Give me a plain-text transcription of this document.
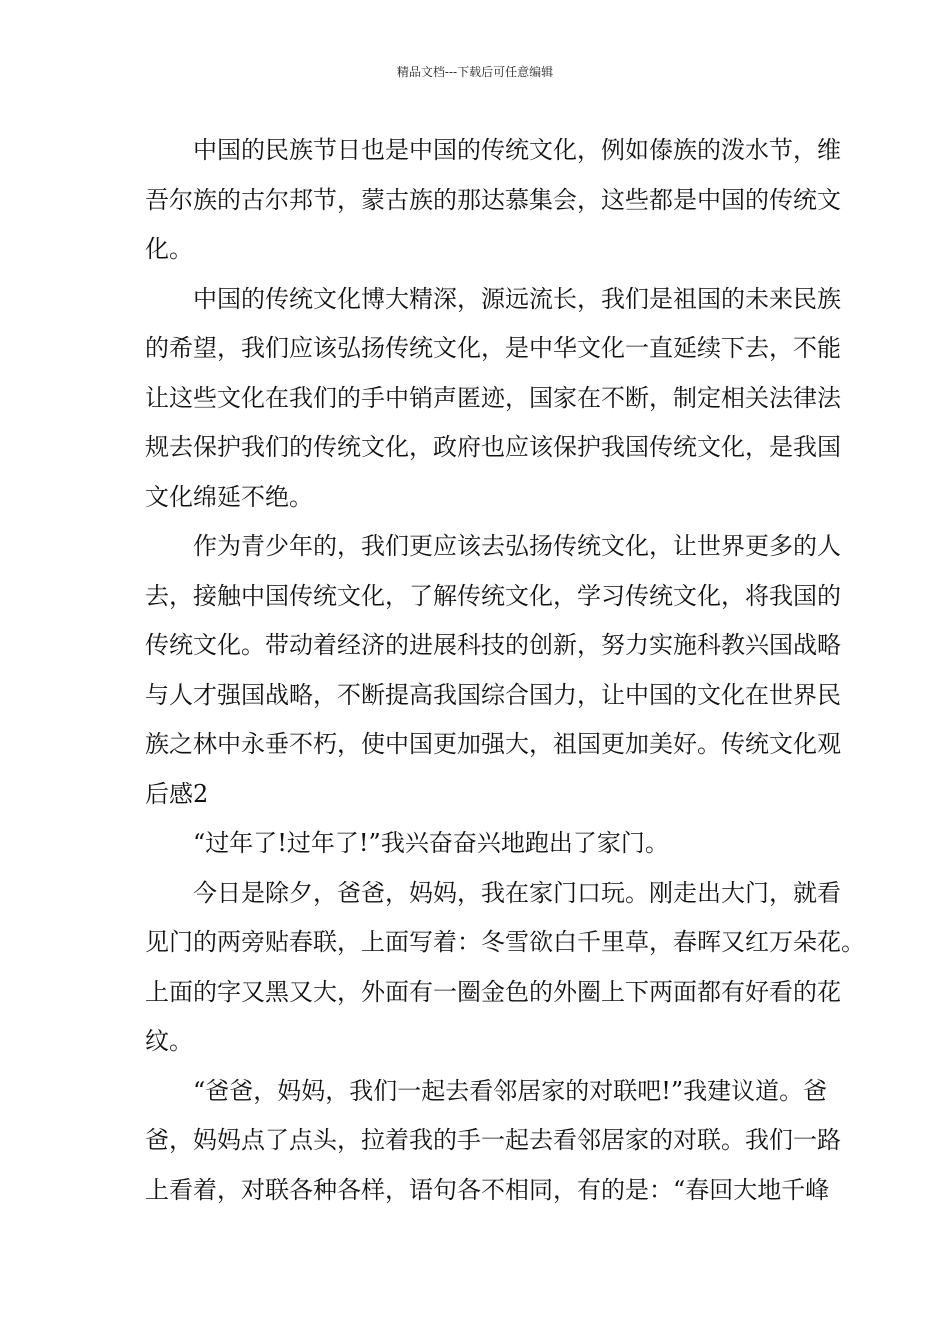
精品文档---下载后可任意编辑

中国的民族节日也是中国的传统文化，例如傣族的泼水节，维
吾尔族的古尔邦节，蒙古族的那达慕集会，这些都是中国的传统文
化。

中国的传统文化博大精深，源远流长，我们是祖国的未来民族
的希望，我们应该弘扬传统文化，是中华文化一直延续下去，不能
让这些文化在我们的手中销声匿迹，国家在不断，制定相关法律法
规去保护我们的传统文化，政府也应该保护我国传统文化，是我国
文化绵延不绝。

作为青少年的，我们更应该去弘扬传统文化，让世界更多的人
去，接触中国传统文化，了解传统文化，学习传统文化，将我国的
传统文化。带动着经济的进展科技的创新，努力实施科教兴国战略
与人才强国战略，不断提高我国综合国力，让中国的文化在世界民
族之林中永垂不朽，使中国更加强大，祖国更加美好。传统文化观
后感2

“过年了!过年了!”我兴奋奋兴地跑出了家门。

今日是除夕，爸爸，妈妈，我在家门口玩。刚走出大门，就看
见门的两旁贴春联，上面写着：冬雪欲白千里草，春晖又红万朵花。
上面的字又黑又大，外面有一圈金色的外圈上下两面都有好看的花
纹。

“爸爸，妈妈，我们一起去看邻居家的对联吧!”我建议道。爸
爸，妈妈点了点头，拉着我的手一起去看邻居家的对联。我们一路
上看着，对联各种各样，语句各不相同，有的是：“春回大地千峰
